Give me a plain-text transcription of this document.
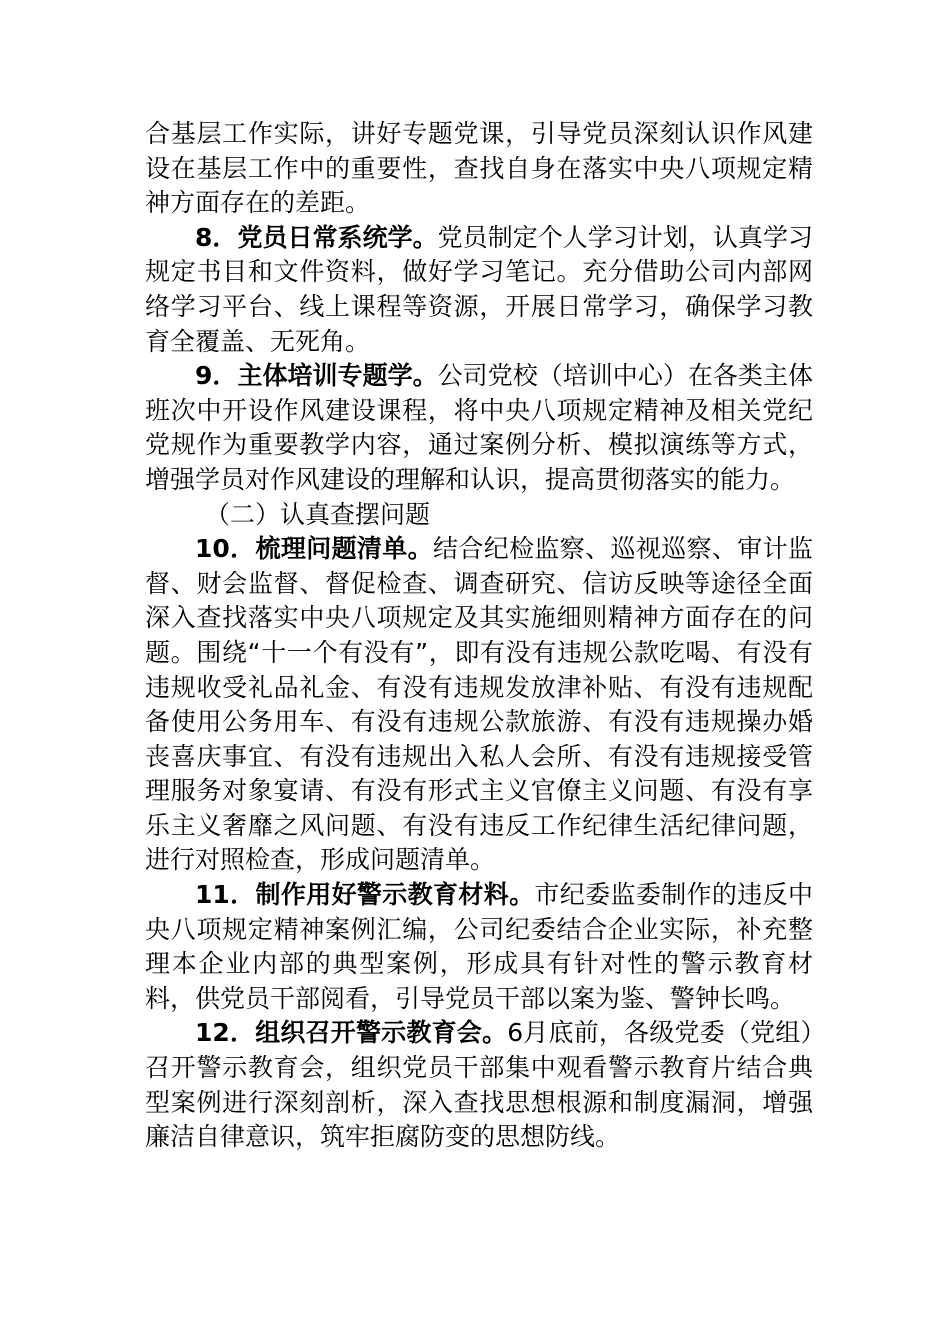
合基层工作实际，讲好专题党课，引导党员深刻认识作风建设在基层工作中的重要性，查找自身在落实中央八项规定精神方面存在的差距。

8．党员日常系统学。党员制定个人学习计划，认真学习规定书目和文件资料，做好学习笔记。充分借助公司内部网络学习平台、线上课程等资源，开展日常学习，确保学习教育全覆盖、无死角。

9．主体培训专题学。公司党校（培训中心）在各类主体班次中开设作风建设课程，将中央八项规定精神及相关党纪党规作为重要教学内容，通过案例分析、模拟演练等方式，增强学员对作风建设的理解和认识，提高贯彻落实的能力。

（二）认真查摆问题

10．梳理问题清单。结合纪检监察、巡视巡察、审计监督、财会监督、督促检查、调查研究、信访反映等途径全面深入查找落实中央八项规定及其实施细则精神方面存在的问题。围绕“十一个有没有”，即有没有违规公款吃喝、有没有违规收受礼品礼金、有没有违规发放津补贴、有没有违规配备使用公务用车、有没有违规公款旅游、有没有违规操办婚丧喜庆事宜、有没有违规出入私人会所、有没有违规接受管理服务对象宴请、有没有形式主义官僚主义问题、有没有享乐主义奢靡之风问题、有没有违反工作纪律生活纪律问题，进行对照检查，形成问题清单。

11．制作用好警示教育材料。市纪委监委制作的违反中央八项规定精神案例汇编，公司纪委结合企业实际，补充整理本企业内部的典型案例，形成具有针对性的警示教育材料，供党员干部阅看，引导党员干部以案为鉴、警钟长鸣。

12．组织召开警示教育会。6月底前，各级党委（党组）召开警示教育会，组织党员干部集中观看警示教育片结合典型案例进行深刻剖析，深入查找思想根源和制度漏洞，增强廉洁自律意识，筑牢拒腐防变的思想防线。
